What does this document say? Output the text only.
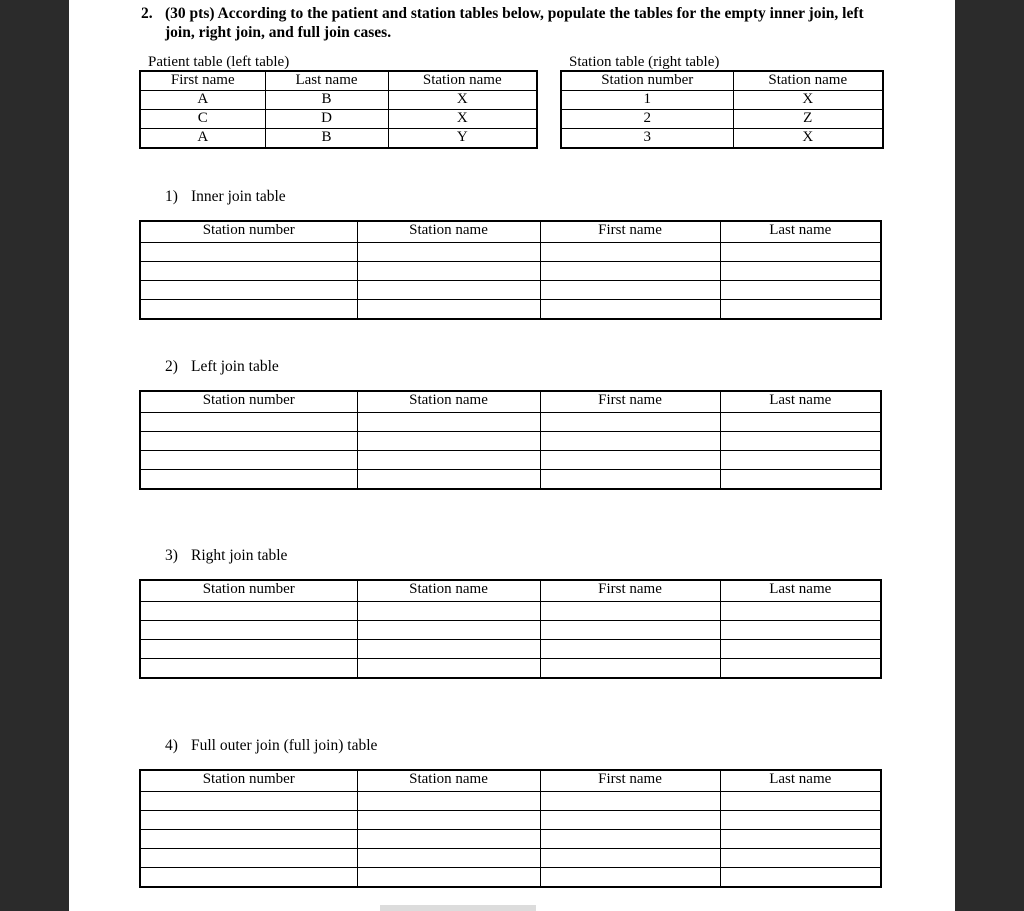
2. (30 pts) According to the patient and station tables below, populate the tables for the empty inner join, left join, right join, and full join cases.
Patient table (left table)
First name	Last name	Station name
A	B	X
C	D	X
A	B	Y
Station table (right table)
Station number	Station name
1	X
2	Z
3	X
1) Inner join table
Station number	Station name	First name	Last name

2) Left join table
Station number	Station name	First name	Last name

3) Right join table
Station number	Station name	First name	Last name

4) Full outer join (full join) table
Station number	Station name	First name	Last name
